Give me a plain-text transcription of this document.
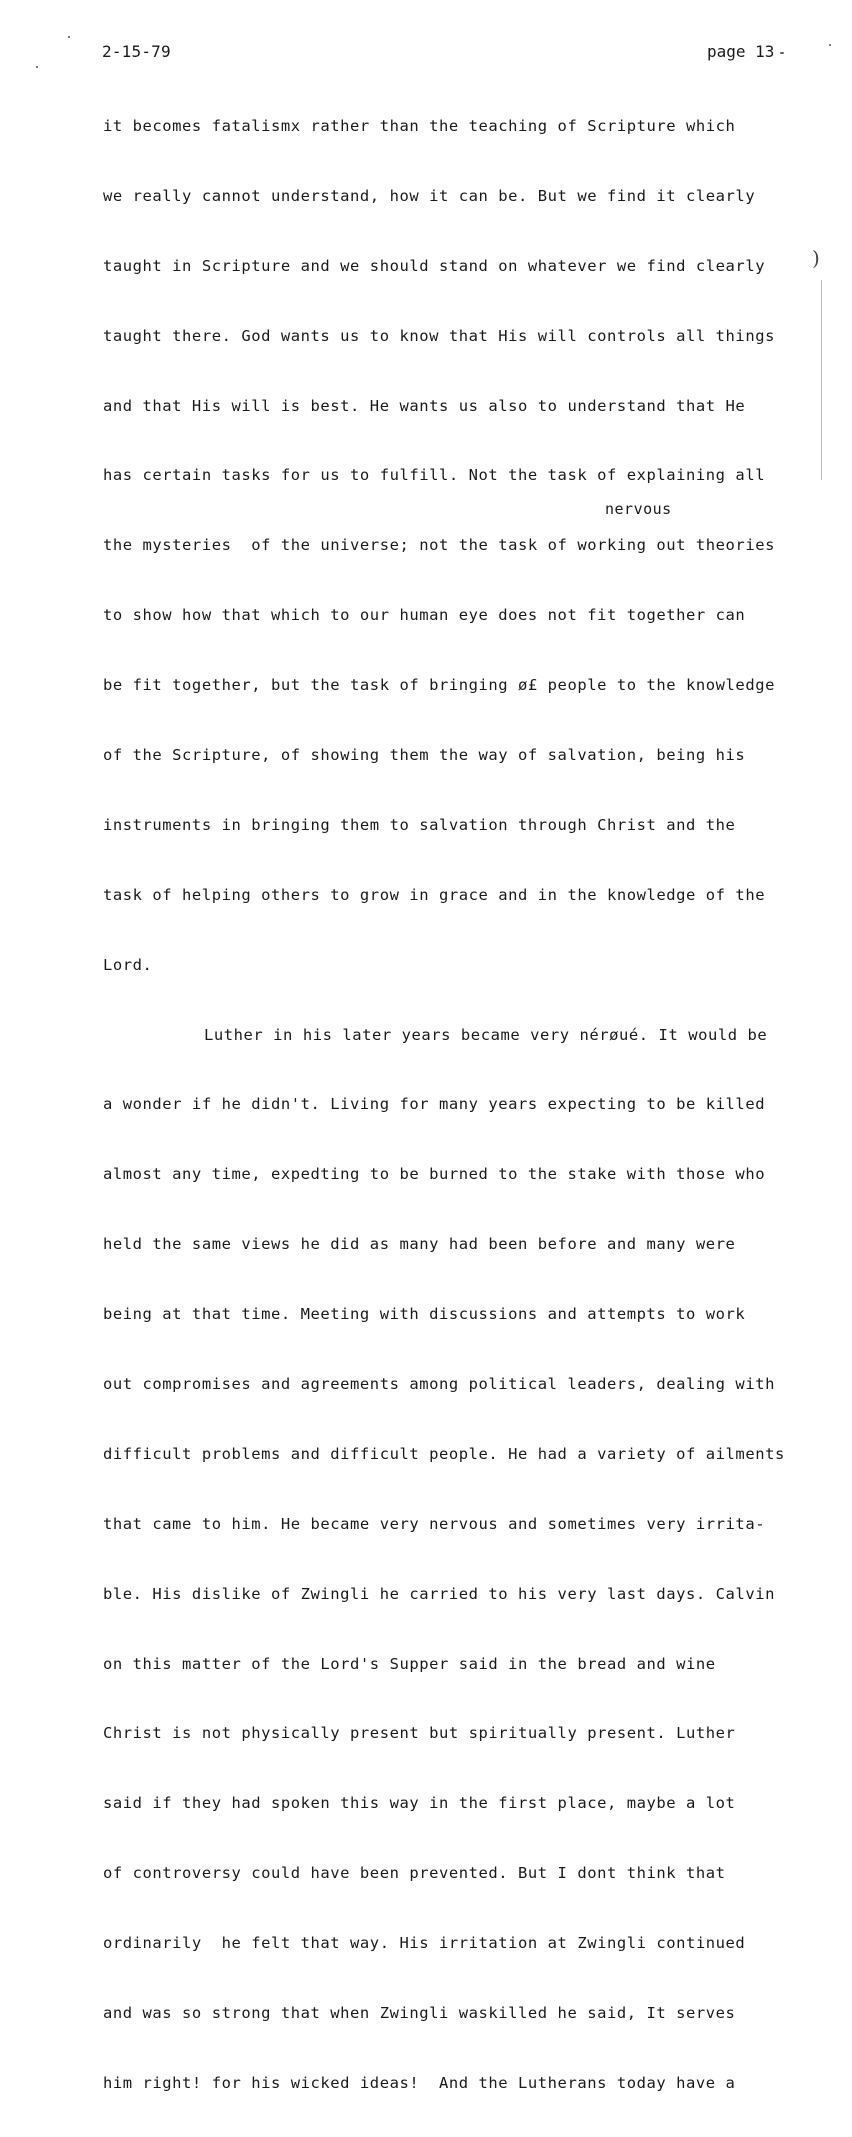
2-15-79	page 13
)
nervous

it becomes fatalismx rather than the teaching of Scripture which

we really cannot understand, how it can be. But we find it clearly

taught in Scripture and we should stand on whatever we find clearly

taught there. God wants us to know that His will controls all things

and that His will is best. He wants us also to understand that He

has certain tasks for us to fulfill. Not the task of explaining all

the mysteries  of the universe; not the task of working out theories

to show how that which to our human eye does not fit together can

be fit together, but the task of bringing ø£ people to the knowledge

of the Scripture, of showing them the way of salvation, being his

instruments in bringing them to salvation through Christ and the

task of helping others to grow in grace and in the knowledge of the

Lord.

Luther in his later years became very nérøué. It would be

a wonder if he didn't. Living for many years expecting to be killed

almost any time, expedting to be burned to the stake with those who

held the same views he did as many had been before and many were

being at that time. Meeting with discussions and attempts to work

out compromises and agreements among political leaders, dealing with

difficult problems and difficult people. He had a variety of ailments

that came to him. He became very nervous and sometimes very irrita-

ble. His dislike of Zwingli he carried to his very last days. Calvin

on this matter of the Lord's Supper said in the bread and wine

Christ is not physically present but spiritually present. Luther

said if they had spoken this way in the first place, maybe a lot

of controversy could have been prevented. But I dont think that

ordinarily  he felt that way. His irritation at Zwingli continued

and was so strong that when Zwingli waskilled he said, It serves

him right! for his wicked ideas!  And the Lutherans today have a
